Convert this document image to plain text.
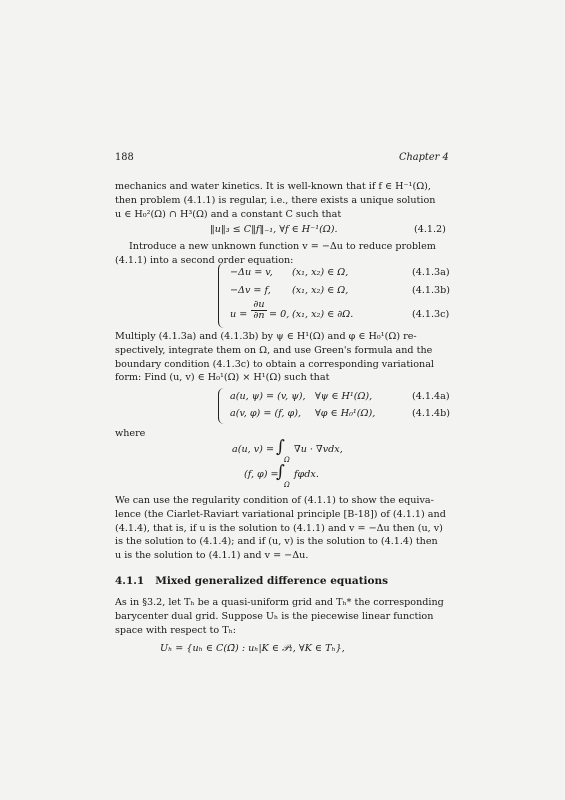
188	Chapter 4
mechanics and water kinetics. It is well-known that if f ∈ H⁻¹(Ω),
then problem (4.1.1) is regular, i.e., there exists a unique solution
u ∈ H₀²(Ω) ∩ H³(Ω) and a constant C such that
‖u‖₃ ≤ C‖f‖₋₁, ∀f ∈ H⁻¹(Ω).	(4.1.2)
Introduce a new unknown function v = −Δu to reduce problem
(4.1.1) into a second order equation:
−Δu = v, (x₁, x₂) ∈ Ω,	(4.1.3a)
−Δv = f, (x₁, x₂) ∈ Ω,	(4.1.3b)
$u = \frac{\partial u}{\partial n} = 0$, (x₁, x₂) ∈ ∂Ω.	(4.1.3c)
Multiply (4.1.3a) and (4.1.3b) by ψ ∈ H¹(Ω) and φ ∈ H₀¹(Ω) re-
spectively, integrate them on Ω, and use Green's formula and the
boundary condition (4.1.3c) to obtain a corresponding variational
form: Find (u, v) ∈ H₀¹(Ω) × H¹(Ω) such that
a(u, ψ) = (v, ψ), ∀ψ ∈ H¹(Ω),	(4.1.4a)
a(v, φ) = (f, φ), ∀φ ∈ H₀¹(Ω),	(4.1.4b)
where
a(u, v) = ∫
Ω
∇u · ∇vdx,
(f, φ) =
∫
Ω
fφdx.
We can use the regularity condition of (4.1.1) to show the equiva-
lence (the Ciarlet-Raviart variational principle [B-18]) of (4.1.1) and
(4.1.4), that is, if u is the solution to (4.1.1) and v = −Δu then (u, v)
is the solution to (4.1.4); and if (u, v) is the solution to (4.1.4) then
u is the solution to (4.1.1) and v = −Δu.
4.1.1 Mixed generalized difference equations
As in §3.2, let Tₕ be a quasi-uniform grid and Tₕ* the corresponding
barycenter dual grid. Suppose Uₕ is the piecewise linear function
space with respect to Tₕ:
Uₕ = {uₕ ∈ C(Ω̄) : uₕ|K ∈ 𝒫₁, ∀K ∈ Tₕ},
